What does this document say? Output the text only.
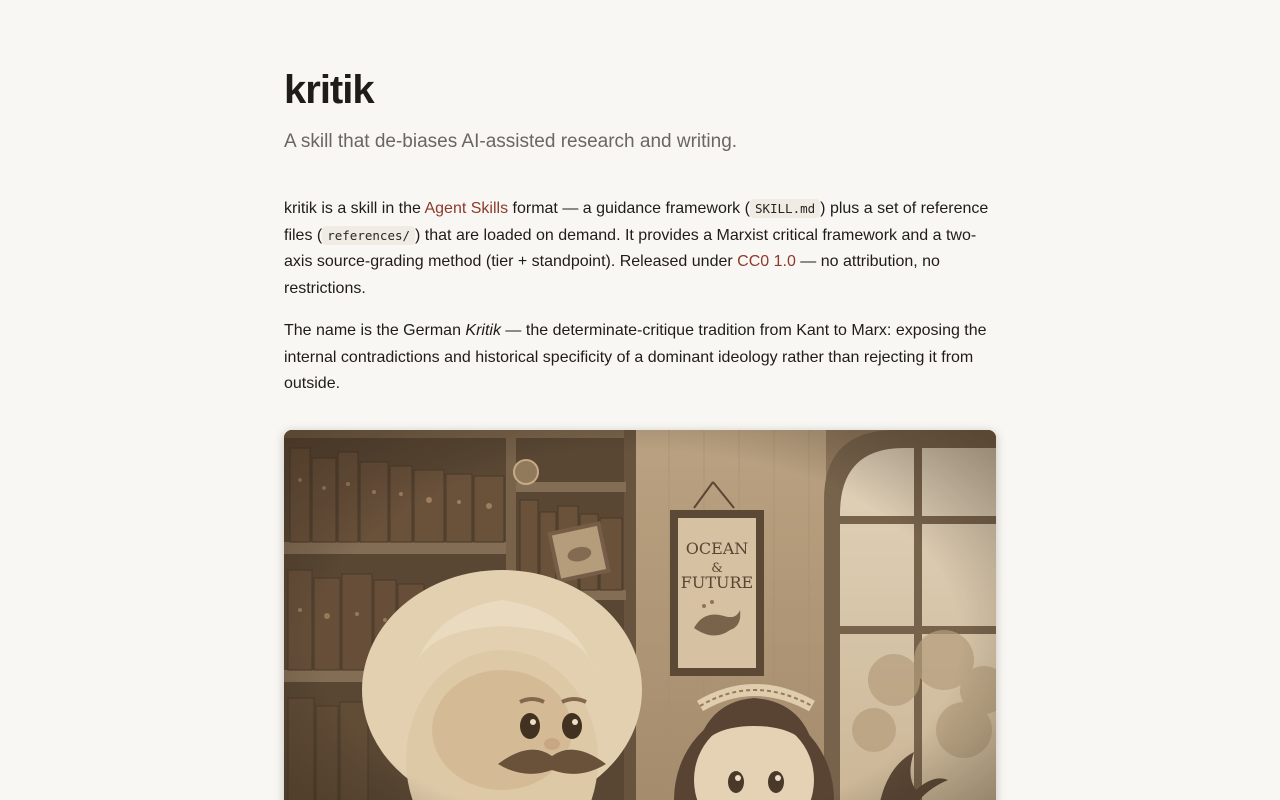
kritik

A skill that de-biases AI-assisted research and writing.

kritik is a skill in the Agent Skills format — a guidance framework ( SKILL.md ) plus a set of reference files ( references/ ) that are loaded on demand. It provides a Marxist critical framework and a two-axis source-grading method (tier + standpoint). Released under CC0 1.0 — no attribution, no restrictions.

The name is the German Kritik — the determinate-critique tradition from Kant to Marx: exposing the internal contradictions and historical specificity of a dominant ideology rather than rejecting it from outside.
